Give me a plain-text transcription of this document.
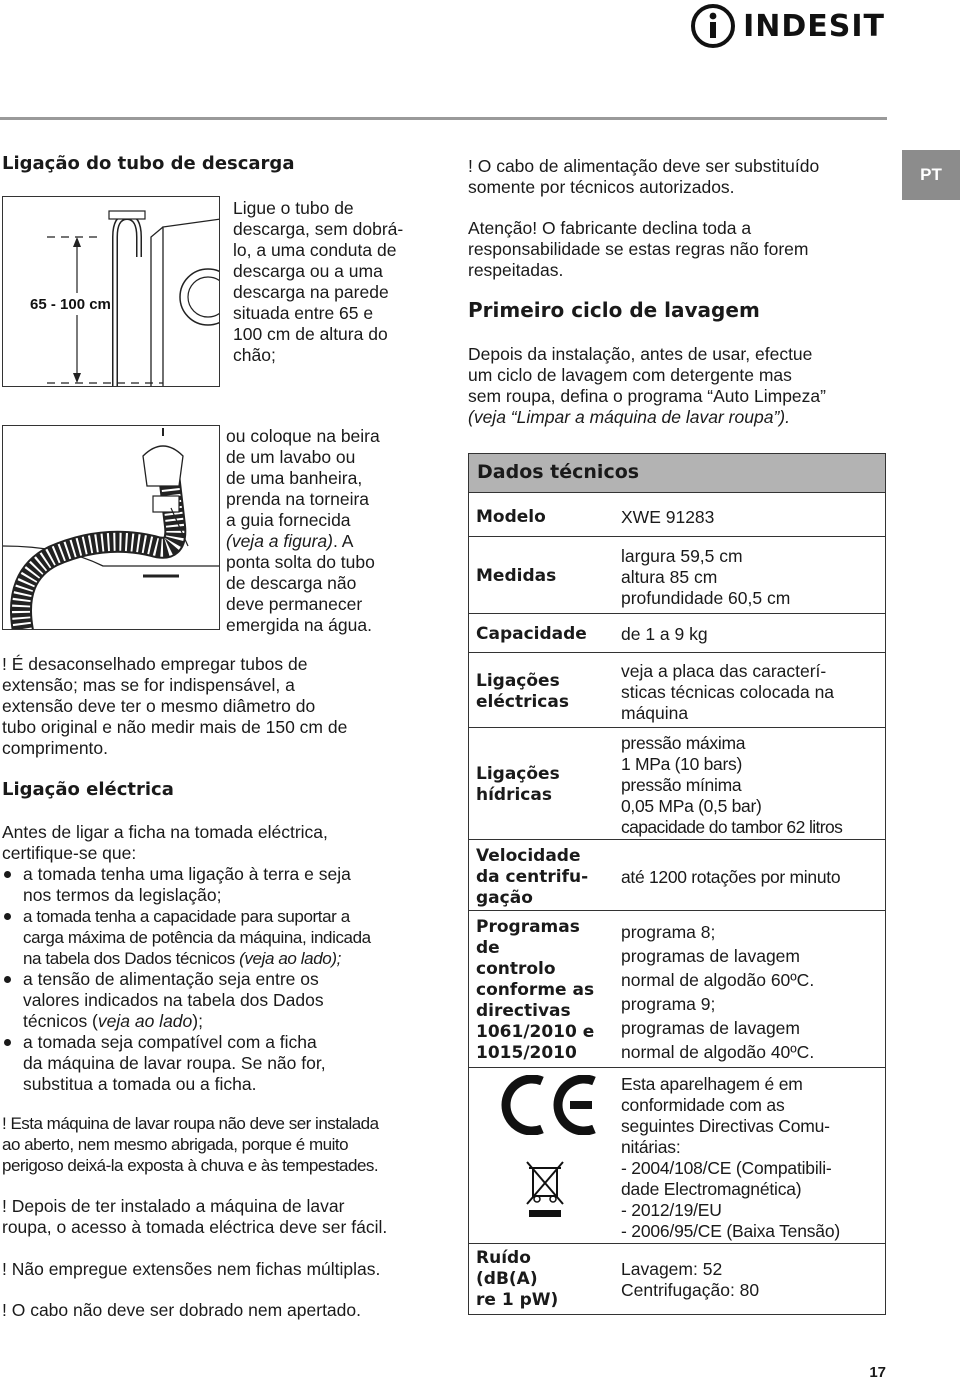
INDESIT
PT
Ligação do tubo de descarga
65 - 100 cm

Ligue o tubo de

descarga, sem dobrá-

lo, a uma conduta de

descarga ou a uma

descarga na parede

situada entre 65 e

100 cm de altura do

chão;

ou coloque na beira

de um lavabo ou

de uma banheira,

prenda na torneira

a guia fornecida

(veja a figura). A

ponta solta do tubo

de descarga não

deve permanecer

emergida na água.

! É desaconselhado empregar tubos de

extensão; mas se for indispensável, a

extensão deve ter o mesmo diâmetro do

tubo original e não medir mais de 150 cm de

comprimento.

Ligação eléctrica

Antes de ligar a ficha na tomada eléctrica,

certifique-se que:

a tomada tenha uma ligação à terra e seja
nos termos da legislação;
a tomada tenha a capacidade para suportar a
carga máxima de potência da máquina, indicada
na tabela dos Dados técnicos (veja ao lado);
a tensão de alimentação seja entre os
valores indicados na tabela dos Dados
técnicos (veja ao lado);
a tomada seja compatível com a ficha
da máquina de lavar roupa. Se não for,
substitua a tomada ou a ficha.

! Esta máquina de lavar roupa não deve ser instalada

ao aberto, nem mesmo abrigada, porque é muito

perigoso deixá-la exposta à chuva e às tempestades.

! Depois de ter instalado a máquina de lavar

roupa, o acesso à tomada eléctrica deve ser fácil.

! Não empregue extensões nem fichas múltiplas.
! O cabo não deve ser dobrado nem apertado.

! O cabo de alimentação deve ser substituído

somente por técnicos autorizados.

Atenção! O fabricante declina toda a

responsabilidade se estas regras não forem

respeitadas.

Primeiro ciclo de lavagem

Depois da instalação, antes de usar, efectue

um ciclo de lavagem com detergente mas

sem roupa, defina o programa “Auto Limpeza”

(veja “Limpar a máquina de lavar roupa”).

Dados técnicos
Modelo	XWE 91283
Medidas

largura 59,5 cm

altura 85 cm

profundidade 60,5 cm

Capacidade de 1 a 9 kg

Ligações

eléctricas

veja a placa das caracterí-

sticas técnicas colocada na

máquina

Ligações

hídricas

pressão máxima

1 MPa (10 bars)

pressão mínima

0,05 MPa (0,5 bar)

capacidade do tambor 62 litros

Velocidade

da centrifu-

gação

até 1200 rotações por minuto

Programas

de

controlo

conforme as

directivas

1061/2010 e

1015/2010

programa 8;

programas de lavagem

normal de algodão 60ºC.

programa 9;

programas de lavagem

normal de algodão 40ºC.

Esta aparelhagem é em

conformidade com as

seguintes Directivas Comu-

nitárias:

- 2004/108/CE (Compatibili-

dade Electromagnética)

- 2012/19/EU

- 2006/95/CE (Baixa Tensão)

Ruído

(dB(A)

re 1 pW)

Lavagem: 52

Centrifugação: 80

17
